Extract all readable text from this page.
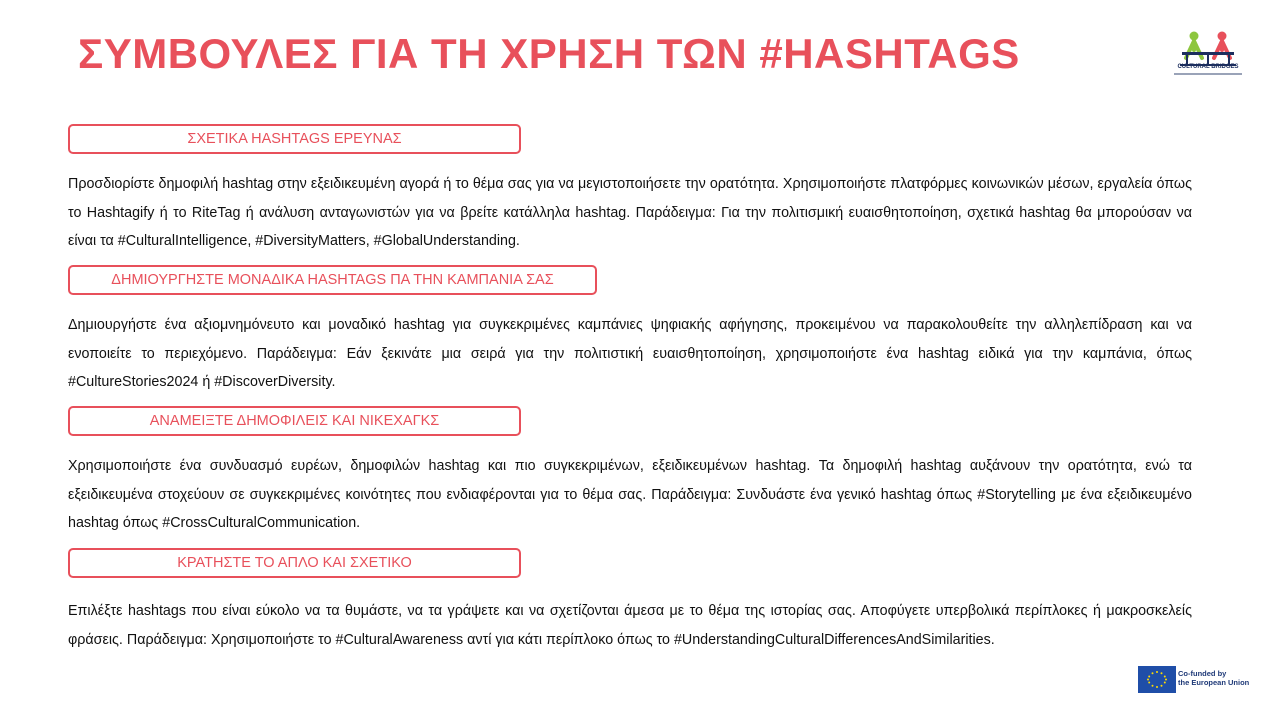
ΣΥΜΒΟΥΛΕΣ ΓΙΑ ΤΗ ΧΡΗΣΗ ΤΩΝ #HASHTAGS	CULTURAL BRIDGES
ΣΧΕΤΙΚΑ HASHTAGS ΕΡΕΥΝΑΣ
Προσδιορίστε δημοφιλή hashtag στην εξειδικευμένη αγορά ή το θέμα σας για να μεγιστοποιήσετε την ορατότητα. Χρησιμοποιήστε πλατφόρμες κοινωνικών μέσων, εργαλεία όπως το Hashtagify ή το RiteTag ή ανάλυση ανταγωνιστών για να βρείτε κατάλληλα hashtag. Παράδειγμα: Για την πολιτισμική ευαισθητοποίηση, σχετικά hashtag θα μπορούσαν να είναι τα #CulturalIntelligence, #DiversityMatters, #GlobalUnderstanding.
ΔΗΜΙΟΥΡΓΗΣΤΕ ΜΟΝΑΔΙΚΑ HASHTAGS ΠΑ ΤΗΝ ΚΑΜΠΑΝΙΑ ΣΑΣ
Δημιουργήστε ένα αξιομνημόνευτο και μοναδικό hashtag για συγκεκριμένες καμπάνιες ψηφιακής αφήγησης, προκειμένου να παρακολουθείτε την αλληλεπίδραση και να ενοποιείτε το περιεχόμενο. Παράδειγμα: Εάν ξεκινάτε μια σειρά για την πολιτιστική ευαισθητοποίηση, χρησιμοποιήστε ένα hashtag ειδικά για την καμπάνια, όπως #CultureStories2024 ή #DiscoverDiversity.
ΑΝΑΜΕΙΞΤΕ ΔΗΜΟΦΙΛΕΙΣ ΚΑΙ ΝΙΚΕΧΑΓΚΣ
Χρησιμοποιήστε ένα συνδυασμό ευρέων, δημοφιλών hashtag και πιο συγκεκριμένων, εξειδικευμένων hashtag. Τα δημοφιλή hashtag αυξάνουν την ορατότητα, ενώ τα εξειδικευμένα στοχεύουν σε συγκεκριμένες κοινότητες που ενδιαφέρονται για το θέμα σας. Παράδειγμα: Συνδυάστε ένα γενικό hashtag όπως #Storytelling με ένα εξειδικευμένο hashtag όπως #CrossCulturalCommunication.
ΚΡΑΤΗΣΤΕ ΤΟ ΑΠΛΟ ΚΑΙ ΣΧΕΤΙΚΟ
Επιλέξτε hashtags που είναι εύκολο να τα θυμάστε, να τα γράψετε και να σχετίζονται άμεσα με το θέμα της ιστορίας σας. Αποφύγετε υπερβολικά περίπλοκες ή μακροσκελείς φράσεις. Παράδειγμα: Χρησιμοποιήστε το #CulturalAwareness αντί για κάτι περίπλοκο όπως το #UnderstandingCulturalDifferencesAndSimilarities.
Co-funded by
the European Union
